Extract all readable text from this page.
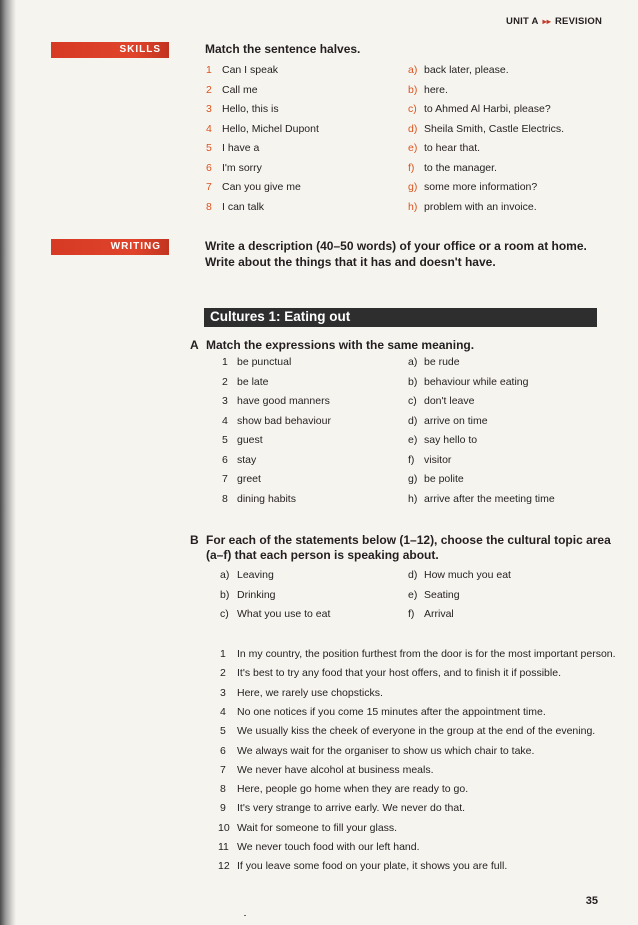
UNIT A ▸▸ REVISION
SKILLS	Match the sentence halves.
1 Can I speak
2 Call me
3 Hello, this is
4 Hello, Michel Dupont
5 I have a
6 I'm sorry
7 Can you give me
8 I can talk
a) back later, please.
b) here.
c) to Ahmed Al Harbi, please?
d) Sheila Smith, Castle Electrics.
e) to hear that.
f) to the manager.
g) some more information?
h) problem with an invoice.
WRITING	Write a description (40–50 words) of your office or a room at home.
Write about the things that it has and doesn't have.
Cultures 1: Eating out
A Match the expressions with the same meaning.
1 be punctual
2 be late
3 have good manners
4 show bad behaviour
5 guest
6 stay
7 greet
8 dining habits
a) be rude
b) behaviour while eating
c) don't leave
d) arrive on time
e) say hello to
f) visitor
g) be polite
h) arrive after the meeting time
B For each of the statements below (1–12), choose the cultural topic area
(a–f) that each person is speaking about.
a) Leaving
b) Drinking
c) What you use to eat
d) How much you eat
e) Seating
f) Arrival
1 In my country, the position furthest from the door is for the most important person.
2 It's best to try any food that your host offers, and to finish it if possible.
3 Here, we rarely use chopsticks.
4 No one notices if you come 15 minutes after the appointment time.
5 We usually kiss the cheek of everyone in the group at the end of the evening.
6 We always wait for the organiser to show us which chair to take.
7 We never have alcohol at business meals.
8 Here, people go home when they are ready to go.
9 It's very strange to arrive early. We never do that.
10 Wait for someone to fill your glass.
11 We never touch food with our left hand.
12 If you leave some food on your plate, it shows you are full.
35
